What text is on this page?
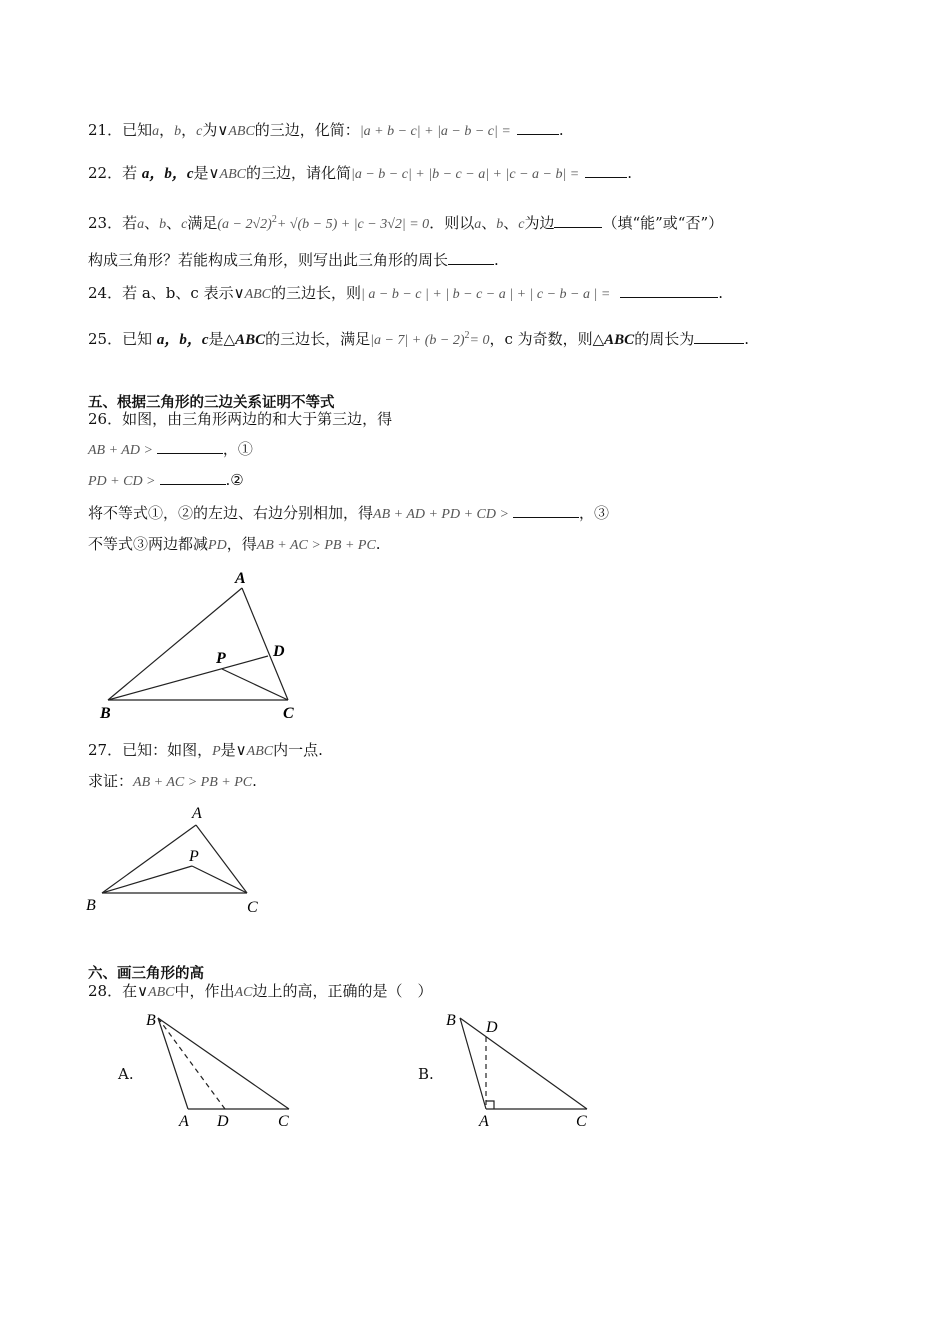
21．已知a，b，c为∨ABC的三边，化简：|a + b − c| + |a − b − c| =	.
22．若 a，b，c是∨ABC的三边，请化简|a − b − c| + |b − c − a| + |c − a − b| =	.
23．若a、b、c满足$(a - 2√2)^2+ √(b - 5) + |c - 3√2| = 0$．则以a、b、c为边	（填“能”或“否”）
构成三角形？若能构成三角形，则写出此三角形的周长	.
24．若 a、b、c 表示∨ABC的三边长，则| a − b − c | + | b − c − a | + | c − b − a | =	.
25．已知 a，b，c是△ABC的三边长，满足$|a - 7| + (b - 2)^2= 0$，c 为奇数，则△ABC的周长为	.
五、根据三角形的三边关系证明不等式
26．如图，由三角形两边的和大于第三边，得
AB + AD >	，①
PD + CD >	.②
将不等式①，②的左边、右边分别相加，得AB + AD + PD + CD >	，③
不等式③两边都减PD，得AB + AC > PB + PC.
A
B	C
D
P
27．已知：如图，P是∨ABC内一点.
求证：AB + AC > PB + PC.
A
B	C
P
六、画三角形的高
28．在∨ABC中，作出AC边上的高，正确的是（　）
A.	B.
B
A D	C
B D
A	C
